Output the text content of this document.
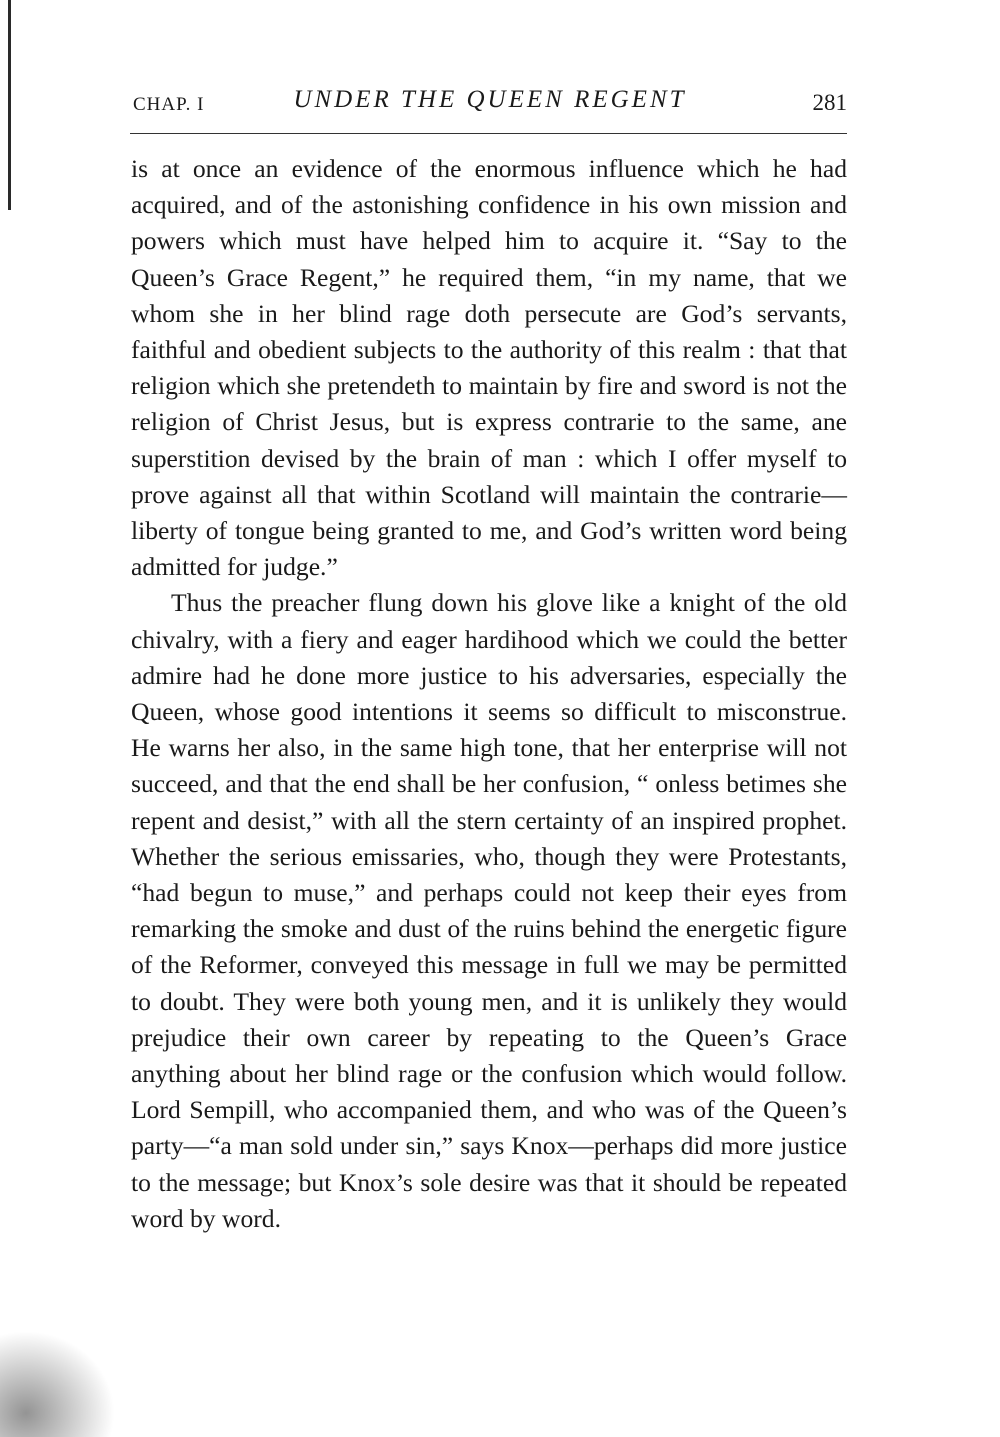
CHAP. I	UNDER THE QUEEN REGENT	281

is at once an evidence of the enormous influence which he had acquired, and of the astonishing confidence in his own mission and powers which must have helped him to acquire it. “Say to the Queen’s Grace Regent,” he required them, “in my name, that we whom she in her blind rage doth persecute are God’s servants, faithful and obedient subjects to the authority of this realm : that that religion which she pretendeth to maintain by fire and sword is not the religion of Christ Jesus, but is express contrarie to the same, ane superstition devised by the brain of man : which I offer myself to prove against all that within Scotland will maintain the contrarie—liberty of tongue being granted to me, and God’s written word being admitted for judge.”

Thus the preacher flung down his glove like a knight of the old chivalry, with a fiery and eager hardihood which we could the better admire had he done more justice to his adversaries, especially the Queen, whose good intentions it seems so difficult to misconstrue. He warns her also, in the same high tone, that her enterprise will not succeed, and that the end shall be her confusion, “ onless betimes she repent and desist,” with all the stern certainty of an inspired prophet. Whether the serious emissaries, who, though they were Protestants, “had begun to muse,” and perhaps could not keep their eyes from remarking the smoke and dust of the ruins behind the energetic figure of the Reformer, conveyed this message in full we may be permitted to doubt. They were both young men, and it is unlikely they would prejudice their own career by repeating to the Queen’s Grace anything about her blind rage or the confusion which would follow. Lord Sempill, who accompanied them, and who was of the Queen’s party—“a man sold under sin,” says Knox—perhaps did more justice to the message; but Knox’s sole desire was that it should be repeated word by word.
